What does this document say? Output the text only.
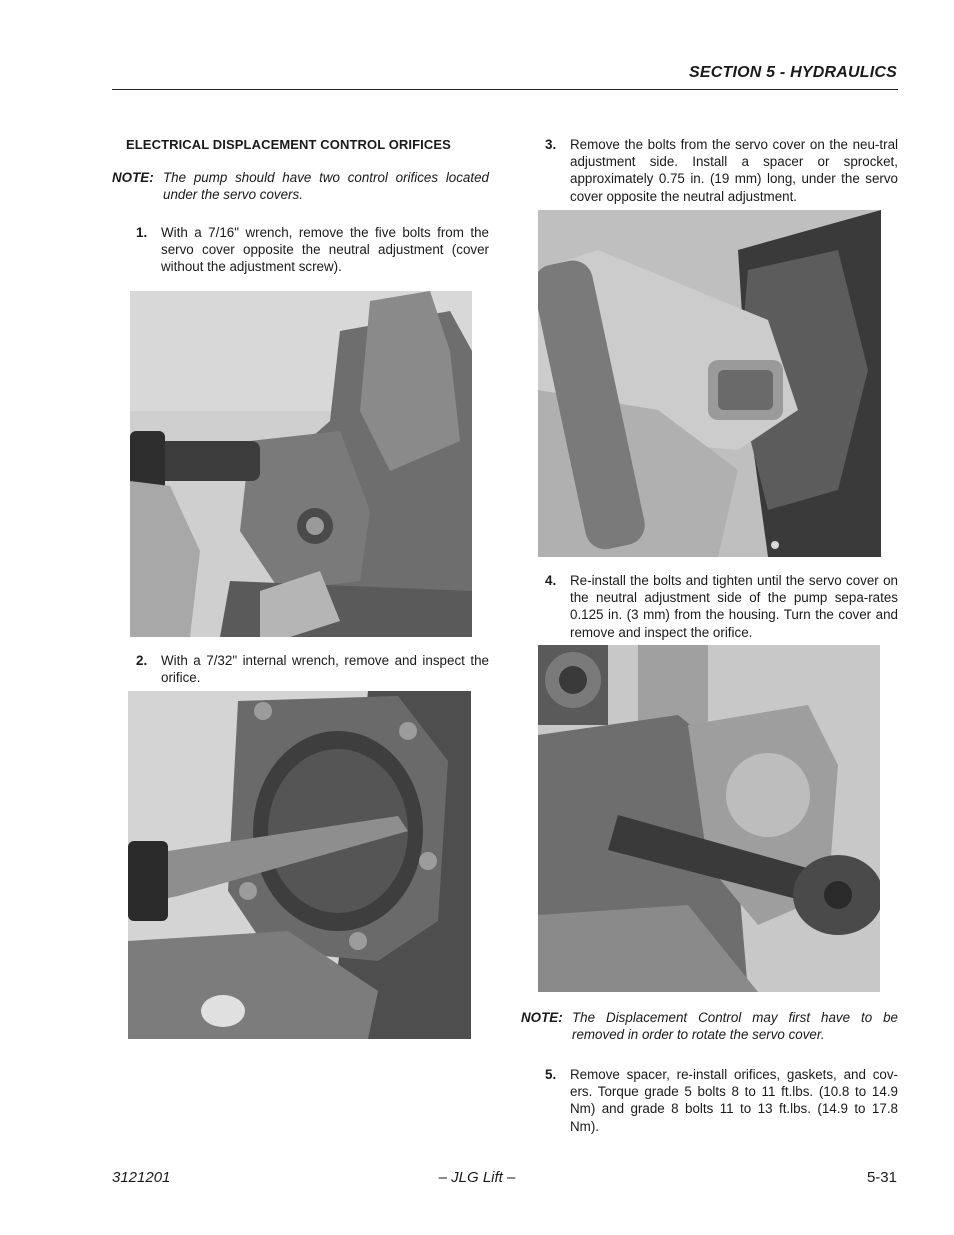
SECTION 5 - HYDRAULICS
ELECTRICAL DISPLACEMENT CONTROL ORIFICES
NOTE: The pump should have two control orifices located under the servo covers.
1. With a 7/16" wrench, remove the five bolts from the servo cover opposite the neutral adjustment (cover without the adjustment screw).
2. With a 7/32" internal wrench, remove and inspect the orifice.
3. Remove the bolts from the servo cover on the neu-tral adjustment side. Install a spacer or sprocket, approximately 0.75 in. (19 mm) long, under the servo cover opposite the neutral adjustment.
4. Re-install the bolts and tighten until the servo cover on the neutral adjustment side of the pump sepa-rates 0.125 in. (3 mm) from the housing. Turn the cover and remove and inspect the orifice.
NOTE: The Displacement Control may first have to be removed in order to rotate the servo cover.
5. Remove spacer, re-install orifices, gaskets, and cov-ers. Torque grade 5 bolts 8 to 11 ft.lbs. (10.8 to 14.9 Nm) and grade 8 bolts 11 to 13 ft.lbs. (14.9 to 17.8 Nm).
3121201	– JLG Lift –	5-31
